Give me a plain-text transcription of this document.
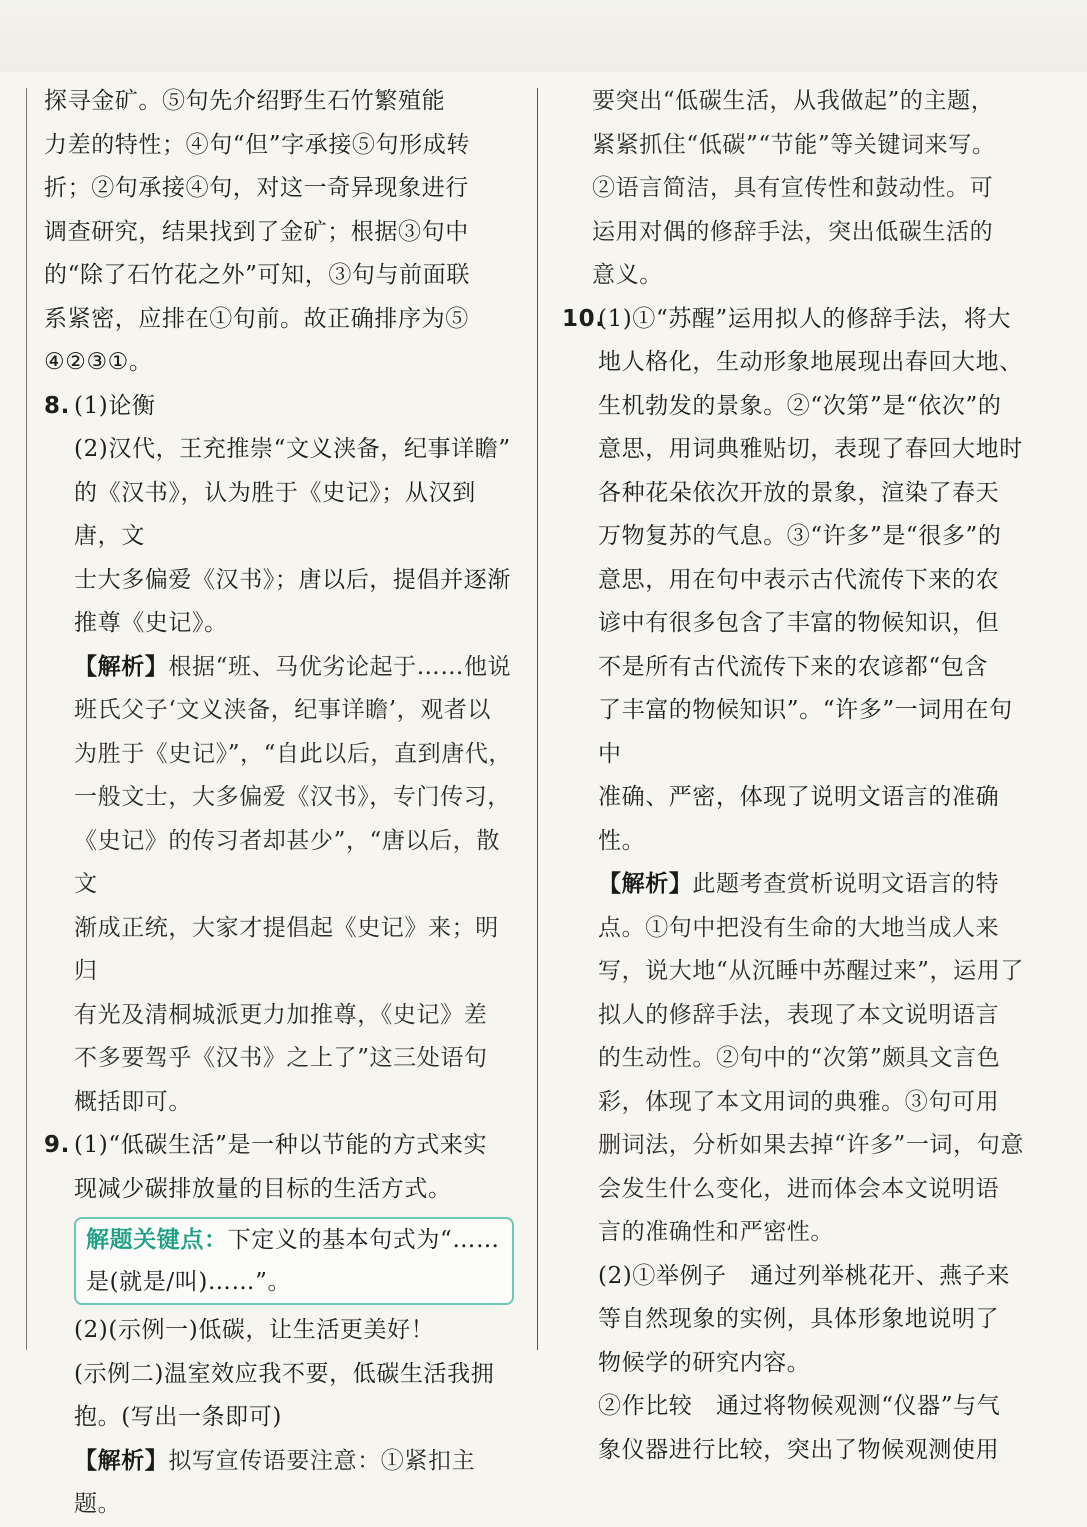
探寻金矿。⑤句先介绍野生石竹繁殖能

力差的特性；④句“但”字承接⑤句形成转

折；②句承接④句，对这一奇异现象进行

调查研究，结果找到了金矿；根据③句中

的“除了石竹花之外”可知，③句与前面联

系紧密，应排在①句前。故正确排序为⑤

④②③①。

8. (1)论衡

(2)汉代，王充推崇“文义浃备，纪事详瞻”

的《汉书》，认为胜于《史记》；从汉到唐，文

士大多偏爱《汉书》；唐以后，提倡并逐渐

推尊《史记》。

【解析】根据“班、马优劣论起于……他说

班氏父子‘文义浃备，纪事详瞻’，观者以

为胜于《史记》”，“自此以后，直到唐代，

一般文士，大多偏爱《汉书》，专门传习，

《史记》的传习者却甚少”，“唐以后，散文

渐成正统，大家才提倡起《史记》来；明归

有光及清桐城派更力加推尊，《史记》差

不多要驾乎《汉书》之上了”这三处语句

概括即可。

9. (1)“低碳生活”是一种以节能的方式来实

现减少碳排放量的目标的生活方式。

解题关键点：下定义的基本句式为“……

是(就是/叫)……”。

(2)(示例一)低碳，让生活更美好！

(示例二)温室效应我不要，低碳生活我拥

抱。(写出一条即可)

【解析】拟写宣传语要注意：①紧扣主题。

要突出“低碳生活，从我做起”的主题，

紧紧抓住“低碳”“节能”等关键词来写。

②语言简洁，具有宣传性和鼓动性。可

运用对偶的修辞手法，突出低碳生活的

意义。

10.

(1)①“苏醒”运用拟人的修辞手法，将大

地人格化，生动形象地展现出春回大地、

生机勃发的景象。②“次第”是“依次”的

意思，用词典雅贴切，表现了春回大地时

各种花朵依次开放的景象，渲染了春天

万物复苏的气息。③“许多”是“很多”的

意思，用在句中表示古代流传下来的农

谚中有很多包含了丰富的物候知识，但

不是所有古代流传下来的农谚都“包含

了丰富的物候知识”。“许多”一词用在句中

准确、严密，体现了说明文语言的准确性。

【解析】此题考查赏析说明文语言的特

点。①句中把没有生命的大地当成人来

写，说大地“从沉睡中苏醒过来”，运用了

拟人的修辞手法，表现了本文说明语言

的生动性。②句中的“次第”颇具文言色

彩，体现了本文用词的典雅。③句可用

删词法，分析如果去掉“许多”一词，句意

会发生什么变化，进而体会本文说明语

言的准确性和严密性。

(2)①举例子　通过列举桃花开、燕子来

等自然现象的实例，具体形象地说明了

物候学的研究内容。

②作比较　通过将物候观测“仪器”与气

象仪器进行比较，突出了物候观测使用
